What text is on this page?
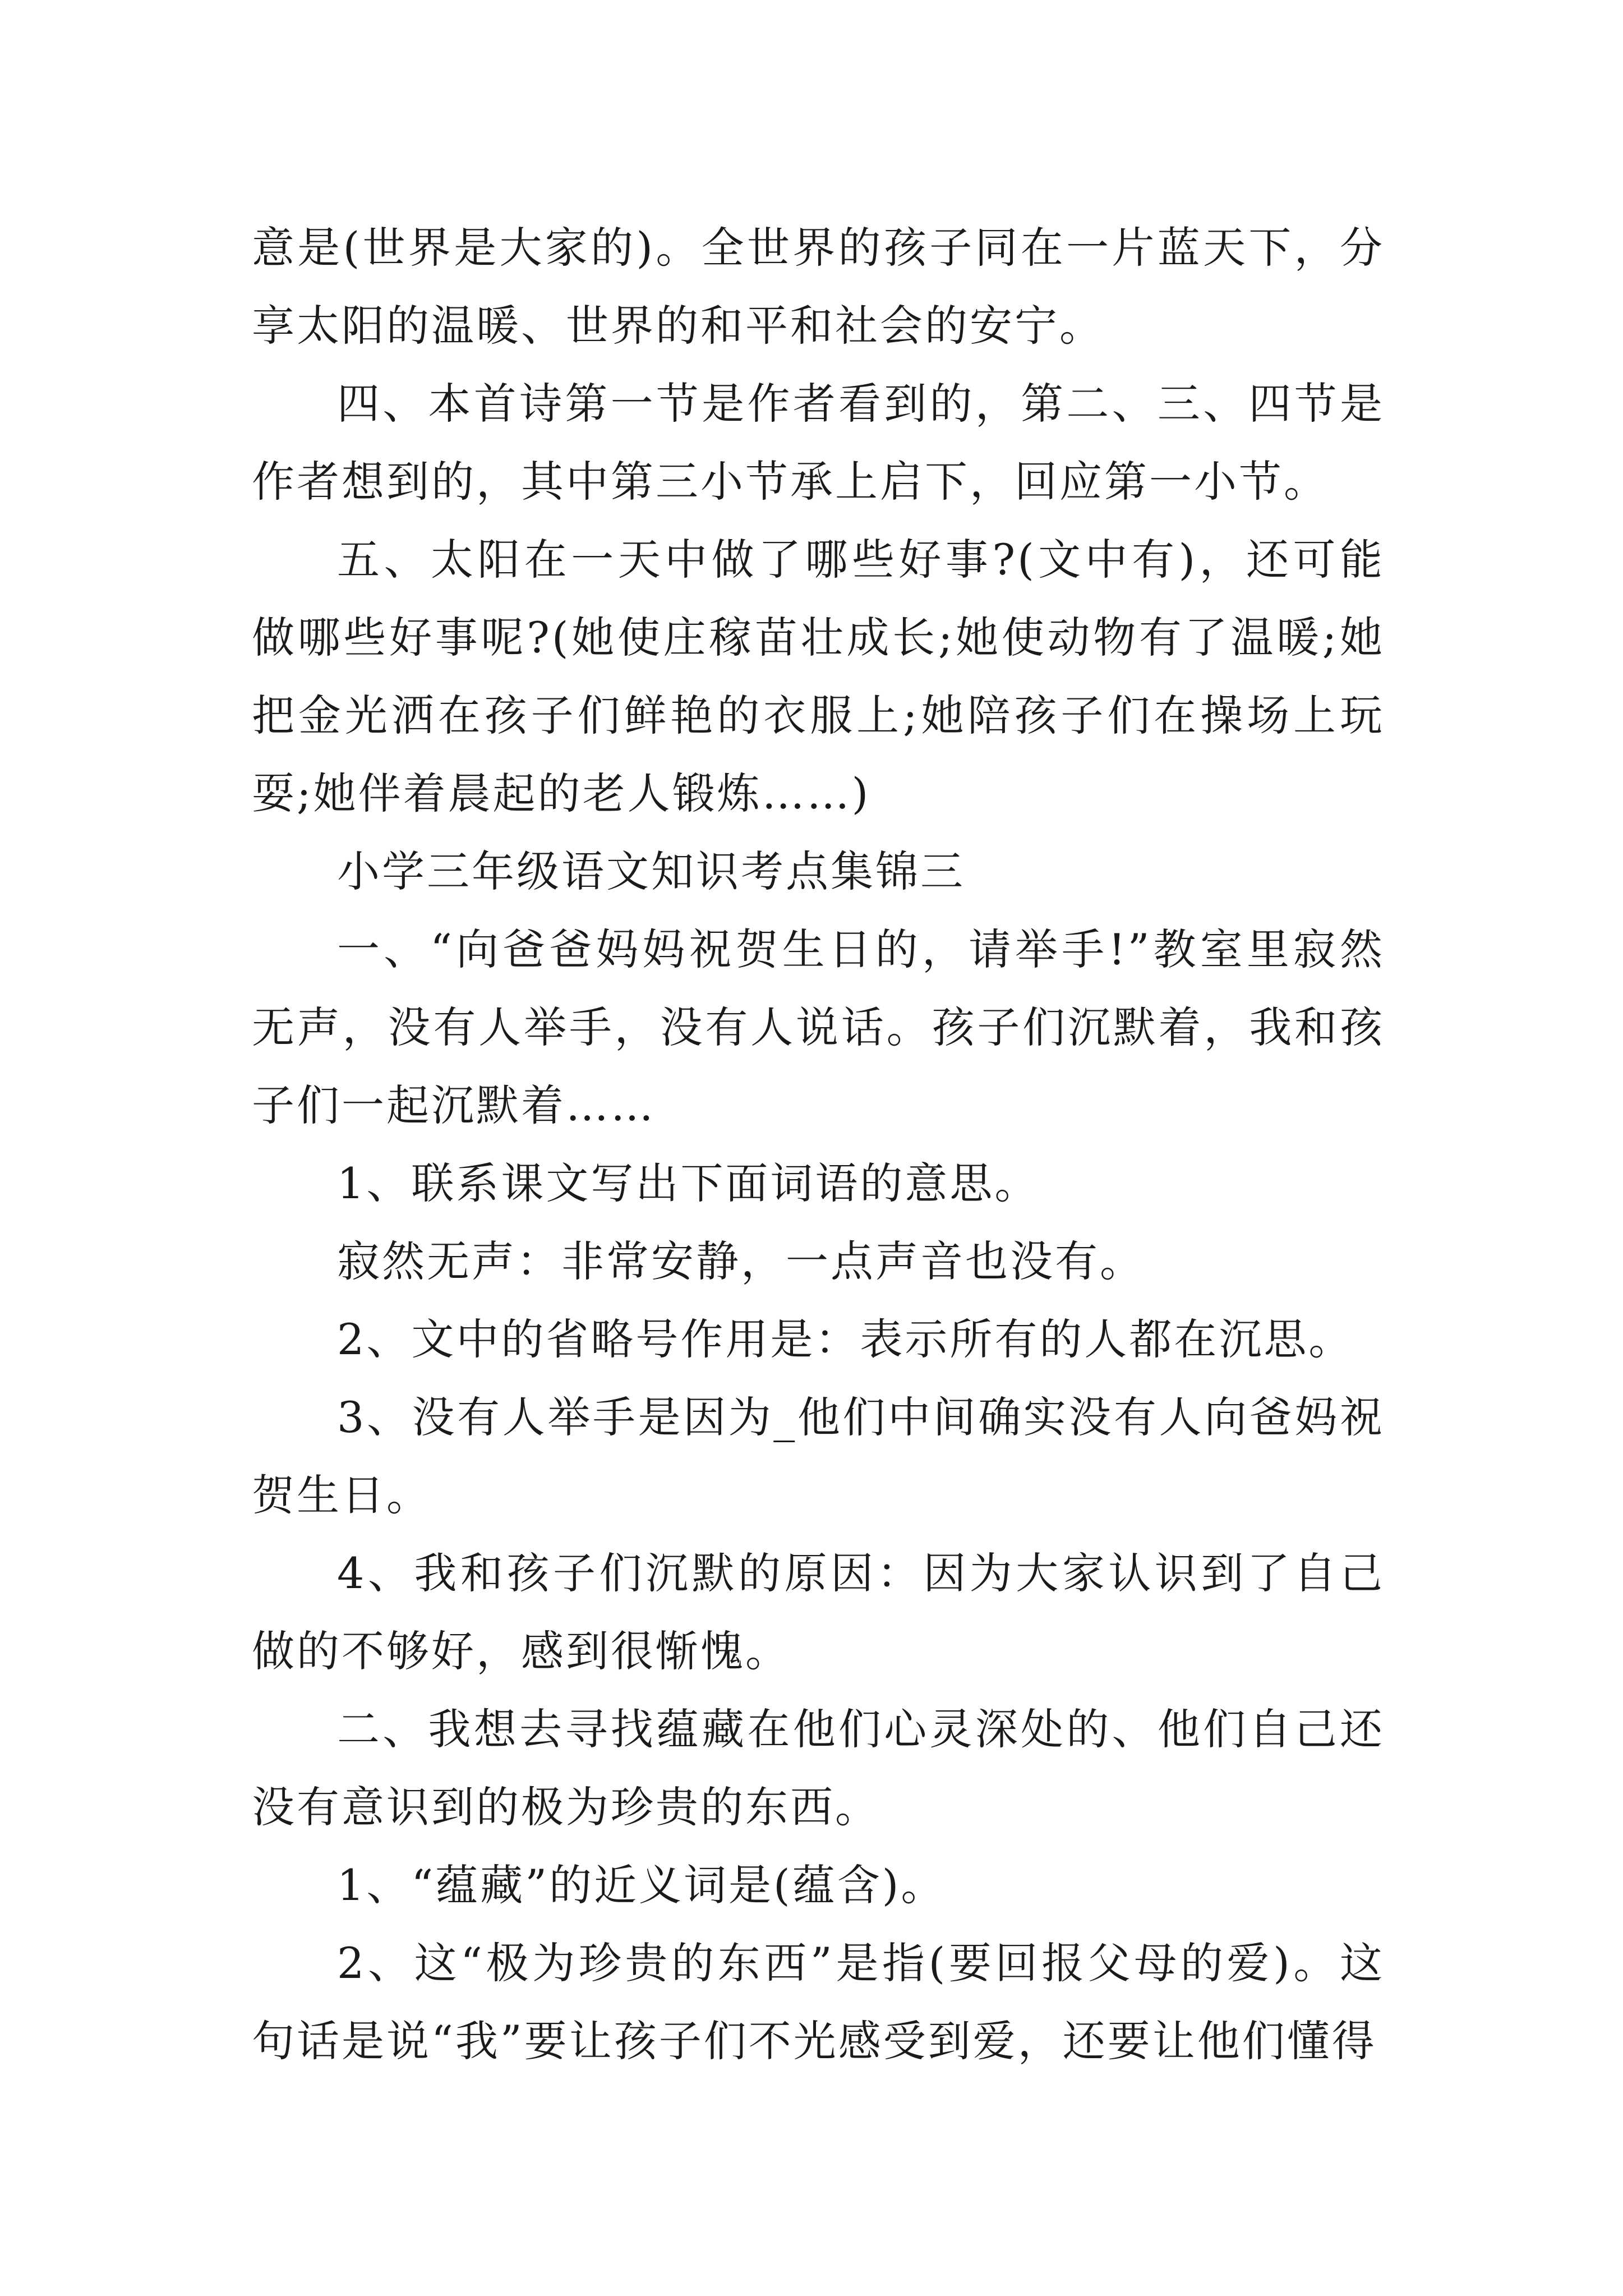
意是(世界是大家的)。全世界的孩子同在一片蓝天下，分享太阳的温暖、世界的和平和社会的安宁。

四、本首诗第一节是作者看到的，第二、三、四节是作者想到的，其中第三小节承上启下，回应第一小节。

五、太阳在一天中做了哪些好事?(文中有)，还可能做哪些好事呢?(她使庄稼苗壮成长;她使动物有了温暖;她把金光洒在孩子们鲜艳的衣服上;她陪孩子们在操场上玩耍;她伴着晨起的老人锻炼……)

小学三年级语文知识考点集锦三

一、“向爸爸妈妈祝贺生日的，请举手!”教室里寂然无声，没有人举手，没有人说话。孩子们沉默着，我和孩子们一起沉默着……

1、联系课文写出下面词语的意思。

寂然无声：非常安静，一点声音也没有。

2、文中的省略号作用是：表示所有的人都在沉思。

3、没有人举手是因为_他们中间确实没有人向爸妈祝贺生日。

4、我和孩子们沉默的原因：因为大家认识到了自己做的不够好，感到很惭愧。

二、我想去寻找蕴藏在他们心灵深处的、他们自己还没有意识到的极为珍贵的东西。

1、“蕴藏”的近义词是(蕴含)。

2、这“极为珍贵的东西”是指(要回报父母的爱)。这句话是说“我”要让孩子们不光感受到爱，还要让他们懂得
